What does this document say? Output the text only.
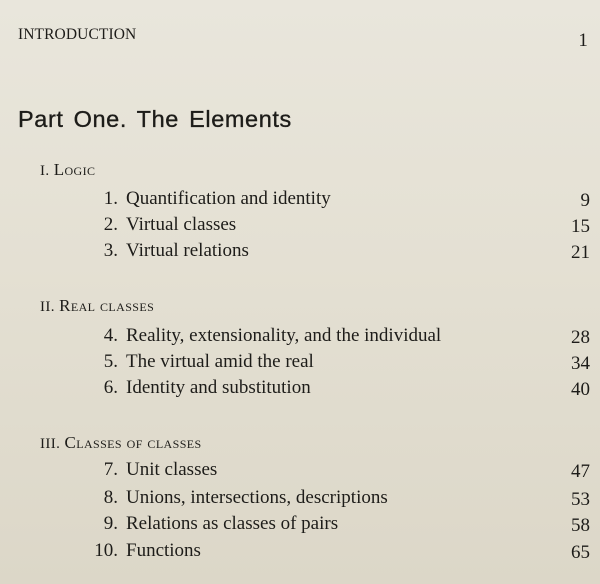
INTRODUCTION	1
Part One. The Elements
I. Logic
1. Quantification and identity	9
2. Virtual classes	15
3. Virtual relations	21
II. Real classes
4. Reality, extensionality, and the individual	28
5. The virtual amid the real	34
6. Identity and substitution	40
III. Classes of classes
7. Unit classes	47
8. Unions, intersections, descriptions	53
9. Relations as classes of pairs	58
10. Functions	65
